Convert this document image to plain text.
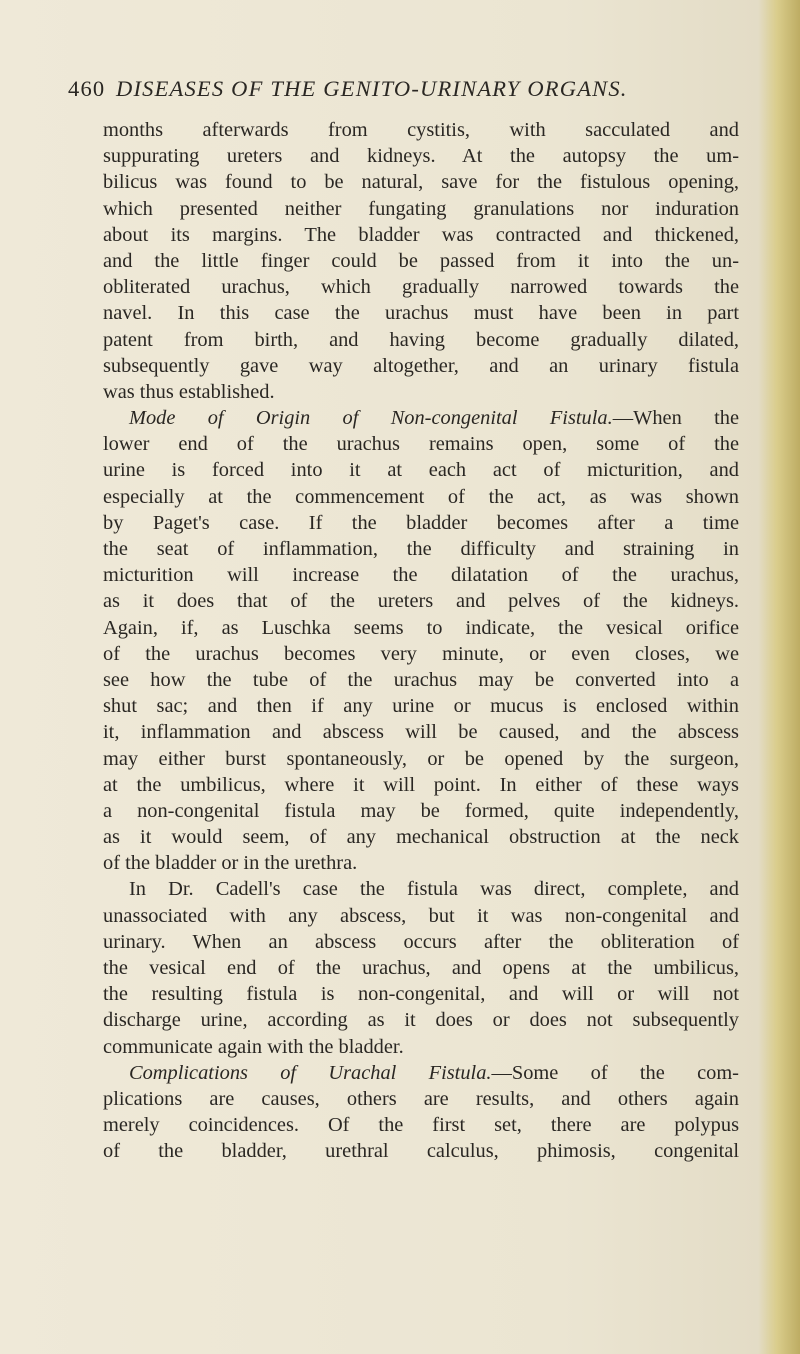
460 DISEASES OF THE GENITO-URINARY ORGANS.
months afterwards from cystitis, with sacculated and
suppurating ureters and kidneys. At the autopsy the um-
bilicus was found to be natural, save for the fistulous opening,
which presented neither fungating granulations nor induration
about its margins. The bladder was contracted and thickened,
and the little finger could be passed from it into the un-
obliterated urachus, which gradually narrowed towards the
navel. In this case the urachus must have been in part
patent from birth, and having become gradually dilated,
subsequently gave way altogether, and an urinary fistula
was thus established.
Mode of Origin of Non-congenital Fistula.—When the
lower end of the urachus remains open, some of the
urine is forced into it at each act of micturition, and
especially at the commencement of the act, as was shown
by Paget's case. If the bladder becomes after a time
the seat of inflammation, the difficulty and straining in
micturition will increase the dilatation of the urachus,
as it does that of the ureters and pelves of the kidneys.
Again, if, as Luschka seems to indicate, the vesical orifice
of the urachus becomes very minute, or even closes, we
see how the tube of the urachus may be converted into a
shut sac; and then if any urine or mucus is enclosed within
it, inflammation and abscess will be caused, and the abscess
may either burst spontaneously, or be opened by the surgeon,
at the umbilicus, where it will point. In either of these ways
a non-congenital fistula may be formed, quite independently,
as it would seem, of any mechanical obstruction at the neck
of the bladder or in the urethra.
In Dr. Cadell's case the fistula was direct, complete, and
unassociated with any abscess, but it was non-congenital and
urinary. When an abscess occurs after the obliteration of
the vesical end of the urachus, and opens at the umbilicus,
the resulting fistula is non-congenital, and will or will not
discharge urine, according as it does or does not subsequently
communicate again with the bladder.
Complications of Urachal Fistula.—Some of the com-
plications are causes, others are results, and others again
merely coincidences. Of the first set, there are polypus
of the bladder, urethral calculus, phimosis, congenital
